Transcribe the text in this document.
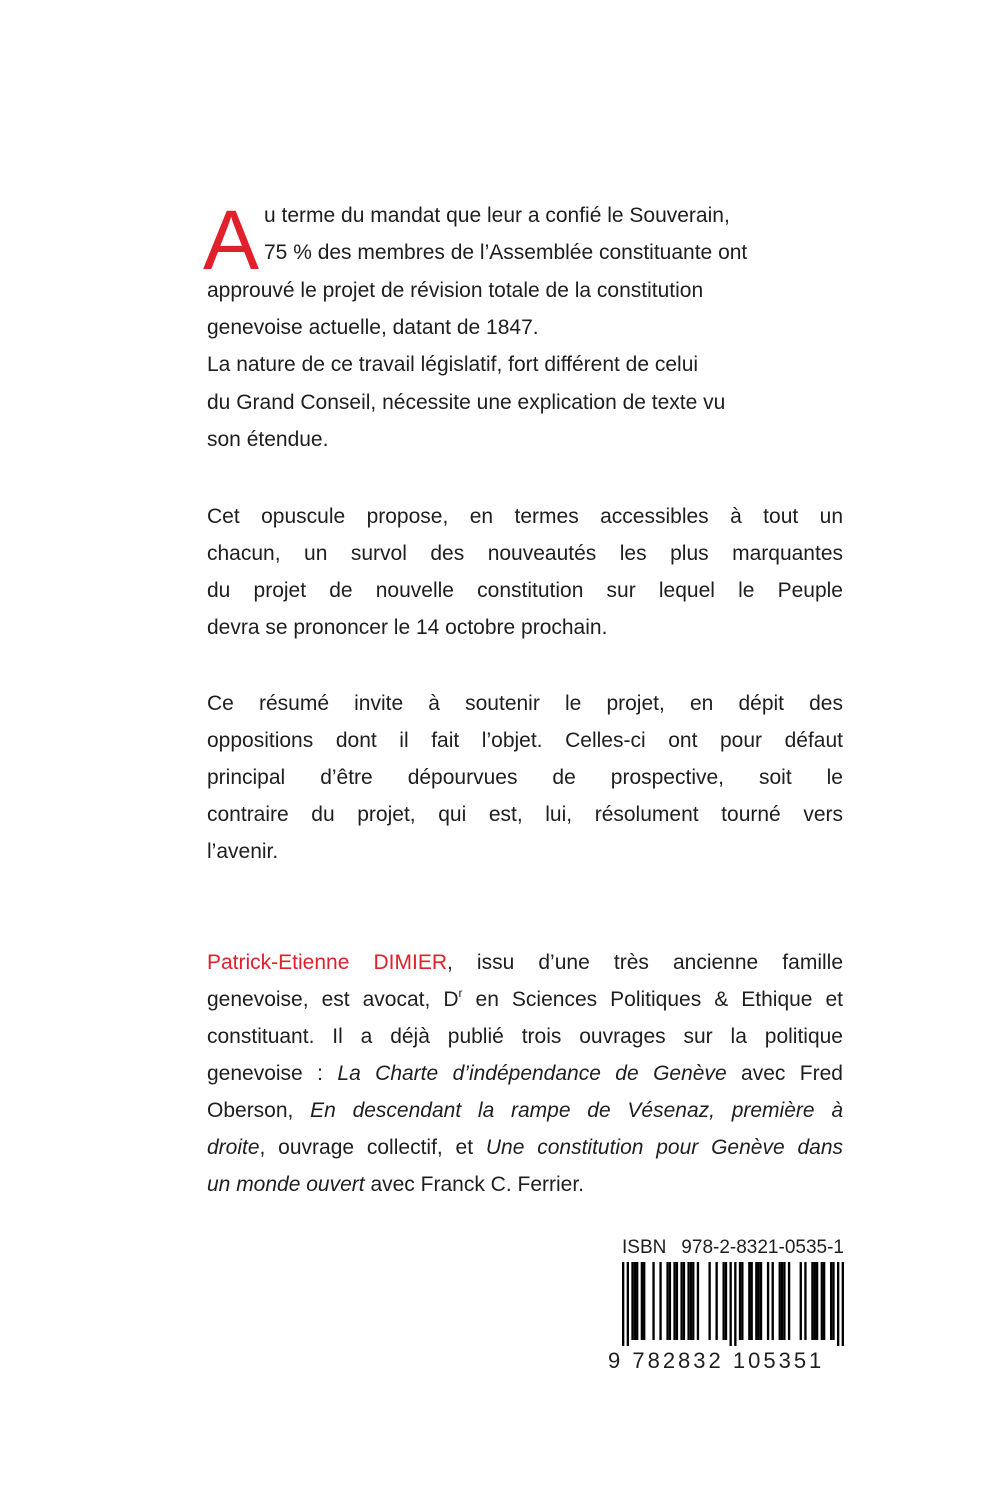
A u terme du mandat que leur a confié le Souverain,
75 % des membres de l’Assemblée constituante ont
approuvé le projet de révision totale de la constitution
genevoise actuelle, datant de 1847.
La nature de ce travail législatif, fort différent de celui
du Grand Conseil, nécessite une explication de texte vu
son étendue.
Cet opuscule propose, en termes accessibles à tout un
chacun, un survol des nouveautés les plus marquantes
du projet de nouvelle constitution sur lequel le Peuple
devra se prononcer le 14 octobre prochain.
Ce résumé invite à soutenir le projet, en dépit des
oppositions dont il fait l’objet. Celles-ci ont pour défaut
principal d’être dépourvues de prospective, soit le
contraire du projet, qui est, lui, résolument tourné vers
l’avenir.
Patrick-Etienne DIMIER, issu d’une très ancienne famille
genevoise, est avocat, $D^r$ en Sciences Politiques & Ethique et
constituant. Il a déjà publié trois ouvrages sur la politique
genevoise : La Charte d’indépendance de Genève avec Fred
Oberson, En descendant la rampe de Vésenaz, première à
droite, ouvrage collectif, et Une constitution pour Genève dans
un monde ouvert avec Franck C. Ferrier.
ISBN 978-2-8321-0535-1
9 782832 105351
